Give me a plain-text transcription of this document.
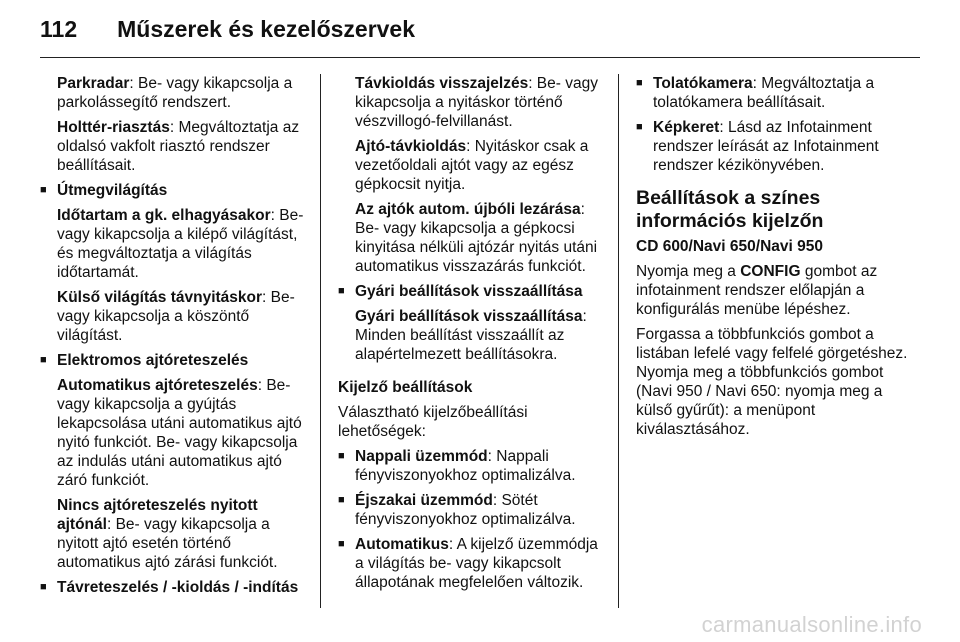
112 Műszerek és kezelőszervek

Parkradar: Be- vagy kikapcsolja a parkolássegítő rendszert.

Holttér-riasztás: Megváltoztatja az oldalsó vakfolt riasztó rendszer beállításait.

■ Útmegvilágítás

Időtartam a gk. elhagyásakor: Be- vagy kikapcsolja a kilépő világítást, és megváltoztatja a világítás időtartamát.

Külső világítás távnyitáskor: Be- vagy kikapcsolja a köszöntő világítást.

■ Elektromos ajtóreteszelés

Automatikus ajtóreteszelés: Be- vagy kikapcsolja a gyújtás lekapcsolása utáni automatikus ajtó nyitó funkciót. Be- vagy kikapcsolja az indulás utáni automatikus ajtó záró funkciót.

Nincs ajtóreteszelés nyitott ajtónál: Be- vagy kikapcsolja a nyitott ajtó esetén történő automatikus ajtó zárási funkciót.

■ Távreteszelés / -kioldás / -indítás

Távkioldás visszajelzés: Be- vagy kikapcsolja a nyitáskor történő vészvillogó-felvillanást.

Ajtó-távkioldás: Nyitáskor csak a vezetőoldali ajtót vagy az egész gépkocsit nyitja.

Az ajtók autom. újbóli lezárása: Be- vagy kikapcsolja a gépkocsi kinyitása nélküli ajtózár nyitás utáni automatikus visszazárás funkciót.

■ Gyári beállítások visszaállítása

Gyári beállítások visszaállítása: Minden beállítást visszaállít az alapértelmezett beállításokra.

Kijelző beállítások

Választható kijelzőbeállítási lehetőségek:

■ Nappali üzemmód: Nappali fényviszonyokhoz optimalizálva.
■ Éjszakai üzemmód: Sötét fényviszonyokhoz optimalizálva.
■ Automatikus: A kijelző üzemmódja a világítás be- vagy kikapcsolt állapotának megfelelően változik.
■ Tolatókamera: Megváltoztatja a tolatókamera beállításait.
■ Képkeret: Lásd az Infotainment rendszer leírását az Infotainment rendszer kézikönyvében.

Beállítások a színes információs kijelzőn

CD 600/Navi 650/Navi 950

Nyomja meg a CONFIG gombot az infotainment rendszer előlapján a konfigurálás menübe lépéshez.

Forgassa a többfunkciós gombot a listában lefelé vagy felfelé görgetéshez. Nyomja meg a többfunkciós gombot (Navi 950 / Navi 650: nyomja meg a külső gyűrűt): a menüpont kiválasztásához.

carmanualsonline.info
